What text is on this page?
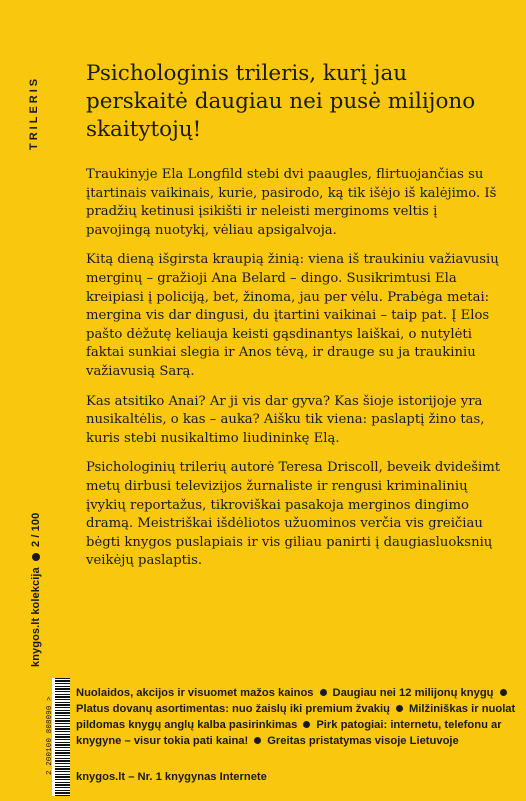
TRILERIS
knygos.lt kolekcija
2 / 100
Psichologinis trileris, kurį jau perskaitė daugiau nei pusė milijono skaitytojų!

Traukinyje Ela Longfild stebi dvi paaugles, flirtuojančias su įtartinais vaikinais, kurie, pasirodo, ką tik išėjo iš kalėjimo. Iš pradžių ketinusi įsikišti ir neleisti merginoms veltis į pavojingą nuotykį, vėliau apsigalvoja.

Kitą dieną išgirsta kraupią žinią: viena iš traukiniu važiavusių merginų – gražioji Ana Belard – dingo. Susikrimtusi Ela kreipiasi į policiją, bet, žinoma, jau per vėlu. Prabėga metai: mergina vis dar dingusi, du įtartini vaikinai – taip pat. Į Elos pašto dėžutę keliauja keisti gąsdinantys laiškai, o nutylėti faktai sunkiai slegia ir Anos tėvą, ir drauge su ja traukiniu važiavusią Sarą.

Kas atsitiko Anai? Ar ji vis dar gyva? Kas šioje istorijoje yra nusikaltėlis, o kas – auka? Aišku tik viena: paslaptį žino tas, kuris stebi nusikaltimo liudininkę Elą.

Psichologinių trilerių autorė Teresa Driscoll, beveik dvidešimt metų dirbusi televizijos žurnaliste ir rengusi kriminalinių įvykių reportažus, tikroviškai pasakoja merginos dingimo dramą. Meistriškai išdėliotos užuominos verčia vis greičiau bėgti knygos puslapiais ir vis giliau panirti į daugiasluoksnių veikėjų paslaptis.

2 200100 808090 >
Nuolaidos, akcijos ir visuomet mažos kainos Daugiau nei 12 milijonų knygųPlatus dovanų asortimentas: nuo žaislų iki premium žvakių Milžiniškas ir nuolat pildomas knygų anglų kalba pasirinkimas Pirk patogiai: internetu, telefonu ar knygyne – visur tokia pati kaina! Greitas pristatymas visoje Lietuvoje
knygos.lt – Nr. 1 knygynas Internete
